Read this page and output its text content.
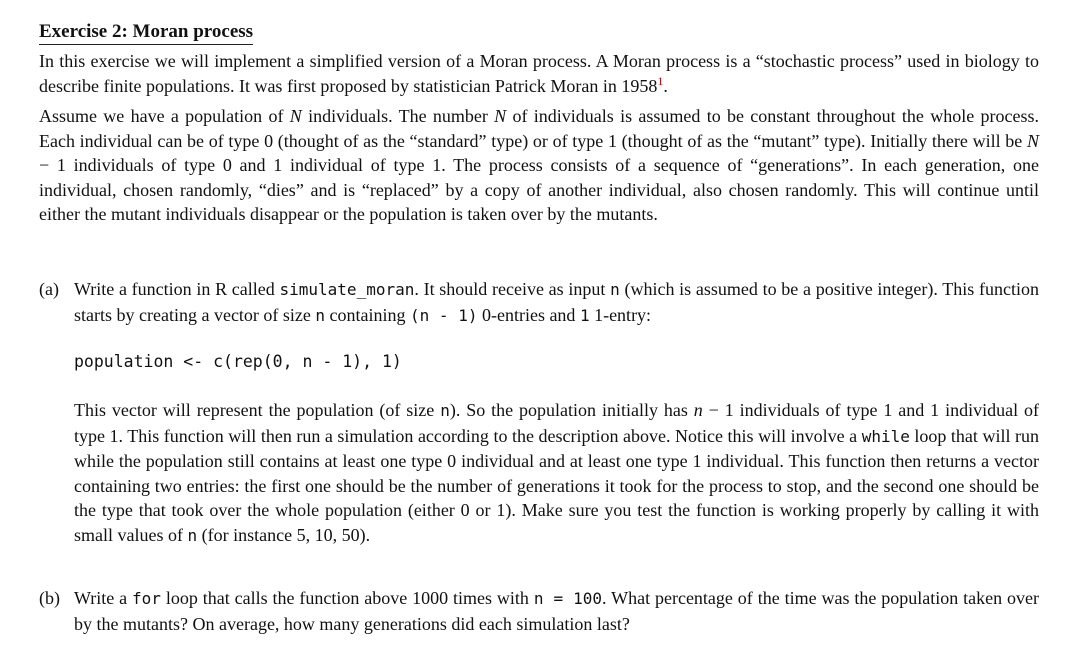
Exercise 2: Moran process

In this exercise we will implement a simplified version of a Moran process. A Moran process is a “stochastic process” used in biology to describe finite populations. It was first proposed by statistician Patrick Moran in 1958$^1$.

Assume we have a population of N individuals. The number N of individuals is assumed to be constant throughout the whole process. Each individual can be of type 0 (thought of as the “standard” type) or of type 1 (thought of as the “mutant” type). Initially there will be N − 1 individuals of type 0 and 1 individual of type 1. The process consists of a sequence of “generations”. In each generation, one individual, chosen randomly, “dies” and is “replaced” by a copy of another individual, also chosen randomly. This will continue until either the mutant individuals disappear or the population is taken over by the mutants.

(a) Write a function in R called simulate_moran. It should receive as input n (which is assumed to be a positive integer). This function starts by creating a vector of size n containing (n - 1) 0-entries and 1 1-entry:
population <- c(rep(0, n - 1), 1)

This vector will represent the population (of size n). So the population initially has n − 1 individuals of type 1 and 1 individual of type 1. This function will then run a simulation according to the description above. Notice this will involve a while loop that will run while the population still contains at least one type 0 individual and at least one type 1 individual. This function then returns a vector containing two entries: the first one should be the number of generations it took for the process to stop, and the second one should be the type that took over the whole population (either 0 or 1). Make sure you test the function is working properly by calling it with small values of n (for instance 5, 10, 50).

(b) Write a for loop that calls the function above 1000 times with n = 100. What percentage of the time was the population taken over by the mutants? On average, how many generations did each simulation last?
